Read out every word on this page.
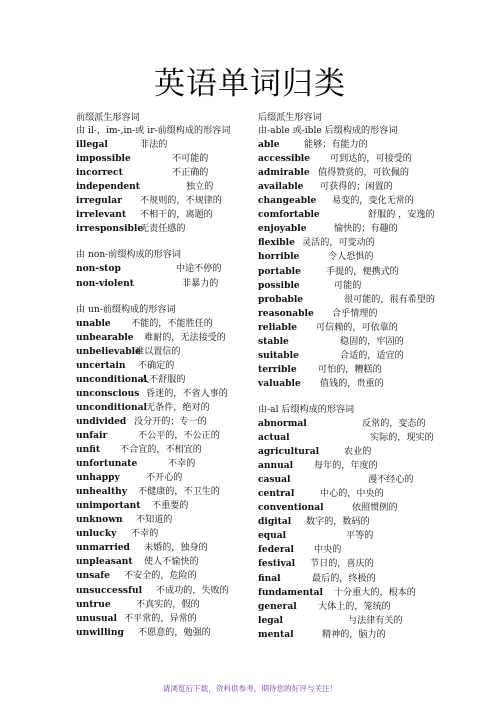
英语单词归类
前缀派生形容词
由 il-，im-,in-或 ir-前缀构成的形容词
illegal	非法的
impossible	不可能的
incorrect	不正确的
independent	独立的
irregular 不规则的，不规律的
irrelevant 不相干的，离题的
irresponsible无责任感的
由 non-前缀构成的形容词
non-stop	中途不停的
non-violent	非暴力的
由 un-前缀构成的形容词
unable 不能的，不能胜任的
unbearable 难耐的，无法接受的
unbelievable难以置信的
uncertain 不确定的
unconditional人不舒服的
unconscious 昏迷的，不省人事的
unconditional无条件，绝对的
undivided 没分开的；专一的
unfair	不公平的，不公正的
unfit 不合宜的，不相宜的
unfortunate	不幸的
unhappy	不开心的
unhealthy 不健康的，不卫生的
unimportant 不重要的
unknown 不知道的
unlucky 不幸的
unmarried 未婚的，独身的
unpleasant 使人不愉快的
unsafe 不安全的，危险的
unsuccessful 不成功的，失败的
untrue	不真实的，假的
unusual 不平常的，异常的
unwilling 不愿意的，勉强的
后缀派生形容词
由-able 或-ible 后缀构成的形容词
able	能够；有能力的
accessible 可到达的，可接受的
admirable 值得赞赏的，可钦佩的
available 可获得的；闲置的
changeable 易变的，变化无常的
comfortable	舒服的 ，安逸的
enjoyable	愉快的；有趣的
flexible 灵活的，可变动的
horrible	令人恐惧的
portable	手提的，便携式的
possible	可能的
probable	很可能的，很有希望的
reasonable 合乎情理的
reliable 可信赖的，可依靠的
stable	稳固的，牢固的
suitable	合适的，适宜的
terrible 可怕的，糟糕的
valuable 值钱的，贵重的
由-al 后缀构成的形容词
abnormal	反常的，变态的
actual	实际的，现实的
agricultural	农业的
annual 每年的，年度的
casual	漫不经心的
central	中心的，中央的
conventional	依照惯例的
digital 数字的，数码的
equal	平等的
federal 中央的
festival 节日的，喜庆的
final	最后的，终极的
fundamental 十分重大的，根本的
general 大体上的，笼统的
legal	与法律有关的
mental	精神的，脑力的
请浏览后下载，资料供参考，期待您的好评与关注！
